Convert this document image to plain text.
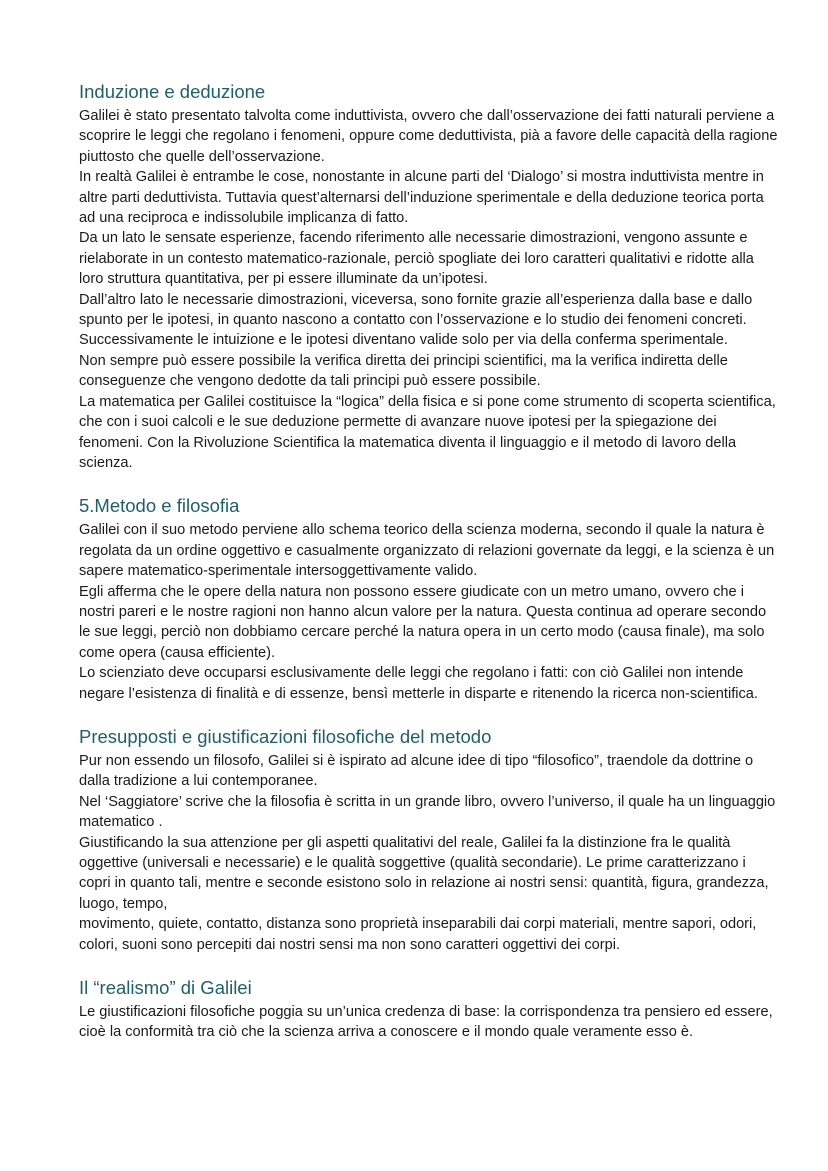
Induzione e deduzione

Galilei è stato presentato talvolta come induttivista, ovvero che dall’osservazione dei fatti naturali perviene a scoprire le leggi che regolano i fenomeni, oppure come deduttivista, pià a favore delle capacità della ragione piuttosto che quelle dell’osservazione.

In realtà Galilei è entrambe le cose, nonostante in alcune parti del ‘Dialogo’ si mostra induttivista mentre in altre parti deduttivista. Tuttavia quest’alternarsi dell’induzione sperimentale e della deduzione teorica porta ad una reciproca e indissolubile implicanza di fatto.

Da un lato le sensate esperienze, facendo riferimento alle necessarie dimostrazioni, vengono assunte e rielaborate in un contesto matematico-razionale, perciò spogliate dei loro caratteri qualitativi e ridotte alla loro struttura quantitativa, per pi essere illuminate da un’ipotesi.

Dall’altro lato le necessarie dimostrazioni, viceversa, sono fornite grazie all’esperienza dalla base e dallo spunto per le ipotesi, in quanto nascono a contatto con l’osservazione e lo studio dei fenomeni concreti. Successivamente le intuizione e le ipotesi diventano valide solo per via della conferma sperimentale.

Non sempre può essere possibile la verifica diretta dei principi scientifici, ma la verifica indiretta delle conseguenze che vengono dedotte da tali principi può essere possibile.

La matematica per Galilei costituisce la “logica” della fisica e si pone come strumento di scoperta scientifica, che con i suoi calcoli e le sue deduzione permette di avanzare nuove ipotesi per la spiegazione dei fenomeni. Con la Rivoluzione Scientifica la matematica diventa il linguaggio e il metodo di lavoro della scienza.

5.Metodo e filosofia

Galilei con il suo metodo perviene allo schema teorico della scienza moderna, secondo il quale la natura è regolata da un ordine oggettivo e casualmente organizzato di relazioni governate da leggi, e la scienza è un sapere matematico-sperimentale intersoggettivamente valido.

Egli afferma che le opere della natura non possono essere giudicate con un metro umano, ovvero che i nostri pareri e le nostre ragioni non hanno alcun valore per la natura. Questa continua ad operare secondo le sue leggi, perciò non dobbiamo cercare perché la natura opera in un certo modo (causa finale), ma solo come opera (causa efficiente).

Lo scienziato deve occuparsi esclusivamente delle leggi che regolano i fatti: con ciò Galilei non intende negare l’esistenza di finalità e di essenze, bensì metterle in disparte e ritenendo la ricerca non-scientifica.

Presupposti e giustificazioni filosofiche del metodo

Pur non essendo un filosofo, Galilei si è ispirato ad alcune idee di tipo “filosofico”, traendole da dottrine o dalla tradizione a lui contemporanee.

Nel ‘Saggiatore’ scrive che la filosofia è scritta in un grande libro, ovvero l’universo, il quale ha un linguaggio matematico .

Giustificando la sua attenzione per gli aspetti qualitativi del reale, Galilei fa la distinzione fra le qualità oggettive (universali e necessarie) e le qualità soggettive (qualità secondarie). Le prime caratterizzano i copri in quanto tali, mentre e seconde esistono solo in relazione ai nostri sensi: quantità, figura, grandezza, luogo, tempo,

movimento, quiete, contatto, distanza sono proprietà inseparabili dai corpi materiali, mentre sapori, odori, colori, suoni sono percepiti dai nostri sensi ma non sono caratteri oggettivi dei corpi.

Il “realismo” di Galilei

Le giustificazioni filosofiche poggia su un’unica credenza di base: la corrispondenza tra pensiero ed essere, cioè la conformità tra ciò che la scienza arriva a conoscere e il mondo quale veramente esso è.
